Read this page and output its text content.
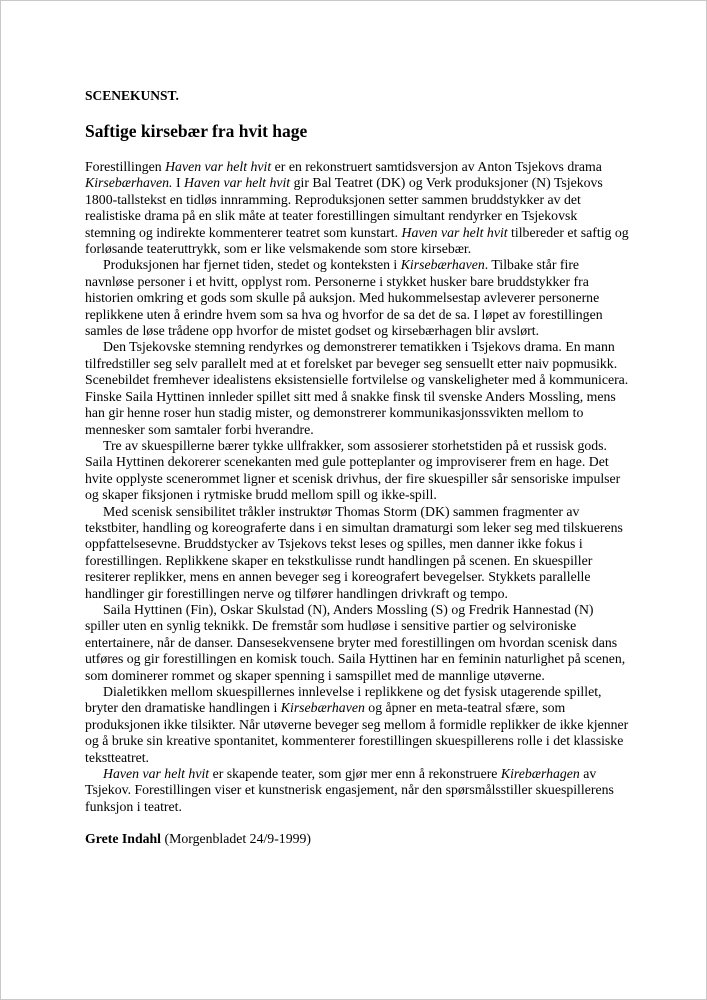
SCENEKUNST.
Saftige kirsebær fra hvit hage

Forestillingen Haven var helt hvit er en rekonstruert samtidsversjon av Anton Tsjekovs drama Kirsebærhaven. I Haven var helt hvit gir Bal Teatret (DK) og Verk produksjoner (N) Tsjekovs 1800-tallstekst en tidløs innramming. Reproduksjonen setter sammen bruddstykker av det realistiske drama på en slik måte at teater forestillingen simultant rendyrker en Tsjekovsk stemning og indirekte kommenterer teatret som kunstart. Haven var helt hvit tilbereder et saftig og forløsande teateruttrykk, som er like velsmakende som store kirsebær.

Produksjonen har fjernet tiden, stedet og konteksten i Kirsebærhaven. Tilbake står fire navnløse personer i et hvitt, opplyst rom. Personerne i stykket husker bare bruddstykker fra historien omkring et gods som skulle på auksjon. Med hukommelsestap avleverer personerne replikkene uten å erindre hvem som sa hva og hvorfor de sa det de sa. I løpet av forestillingen samles de løse trådene opp hvorfor de mistet godset og kirsebærhagen blir avslørt.

Den Tsjekovske stemning rendyrkes og demonstrerer tematikken i Tsjekovs drama. En mann tilfredstiller seg selv parallelt med at et forelsket par beveger seg sensuellt etter naiv popmusikk. Scenebildet fremhever idealistens eksistensielle fortvilelse og vanskeligheter med å kommunicera. Finske Saila Hyttinen innleder spillet sitt med å snakke finsk til svenske Anders Mossling, mens han gir henne roser hun stadig mister, og demonstrerer kommunikasjonssvikten mellom to mennesker som samtaler forbi hverandre.

Tre av skuespillerne bærer tykke ullfrakker, som assosierer storhetstiden på et russisk gods. Saila Hyttinen dekorerer scenekanten med gule potteplanter og improviserer frem en hage. Det hvite opplyste scenerommet ligner et scenisk drivhus, der fire skuespiller sår sensoriske impulser og skaper fiksjonen i rytmiske brudd mellom spill og ikke-spill.

Med scenisk sensibilitet tråkler instruktør Thomas Storm (DK) sammen fragmenter av tekstbiter, handling og koreograferte dans i en simultan dramaturgi som leker seg med tilskuerens oppfattelsesevne. Bruddstycker av Tsjekovs tekst leses og spilles, men danner ikke fokus i forestillingen. Replikkene skaper en tekstkulisse rundt handlingen på scenen. En skuespiller resiterer replikker, mens en annen beveger seg i koreografert bevegelser. Stykkets parallelle handlinger gir forestillingen nerve og tilfører handlingen drivkraft og tempo.

Saila Hyttinen (Fin), Oskar Skulstad (N), Anders Mossling (S) og Fredrik Hannestad (N) spiller uten en synlig teknikk. De fremstår som hudløse i sensitive partier og selvironiske entertainere, når de danser. Dansesekvensene bryter med forestillingen om hvordan scenisk dans utføres og gir forestillingen en komisk touch. Saila Hyttinen har en feminin naturlighet på scenen, som dominerer rommet og skaper spenning i samspillet med de mannlige utøverne.

Dialetikken mellom skuespillernes innlevelse i replikkene og det fysisk utagerende spillet, bryter den dramatiske handlingen i Kirsebærhaven og åpner en meta-teatral sfære, som produksjonen ikke tilsikter. Når utøverne beveger seg mellom å formidle replikker de ikke kjenner og å bruke sin kreative spontanitet, kommenterer forestillingen skuespillerens rolle i det klassiske tekstteatret.

Haven var helt hvit er skapende teater, som gjør mer enn å rekonstruere Kirebærhagen av Tsjekov. Forestillingen viser et kunstnerisk engasjement, når den spørsmålsstiller skuespillerens funksjon i teatret.

Grete Indahl (Morgenbladet 24/9-1999)
